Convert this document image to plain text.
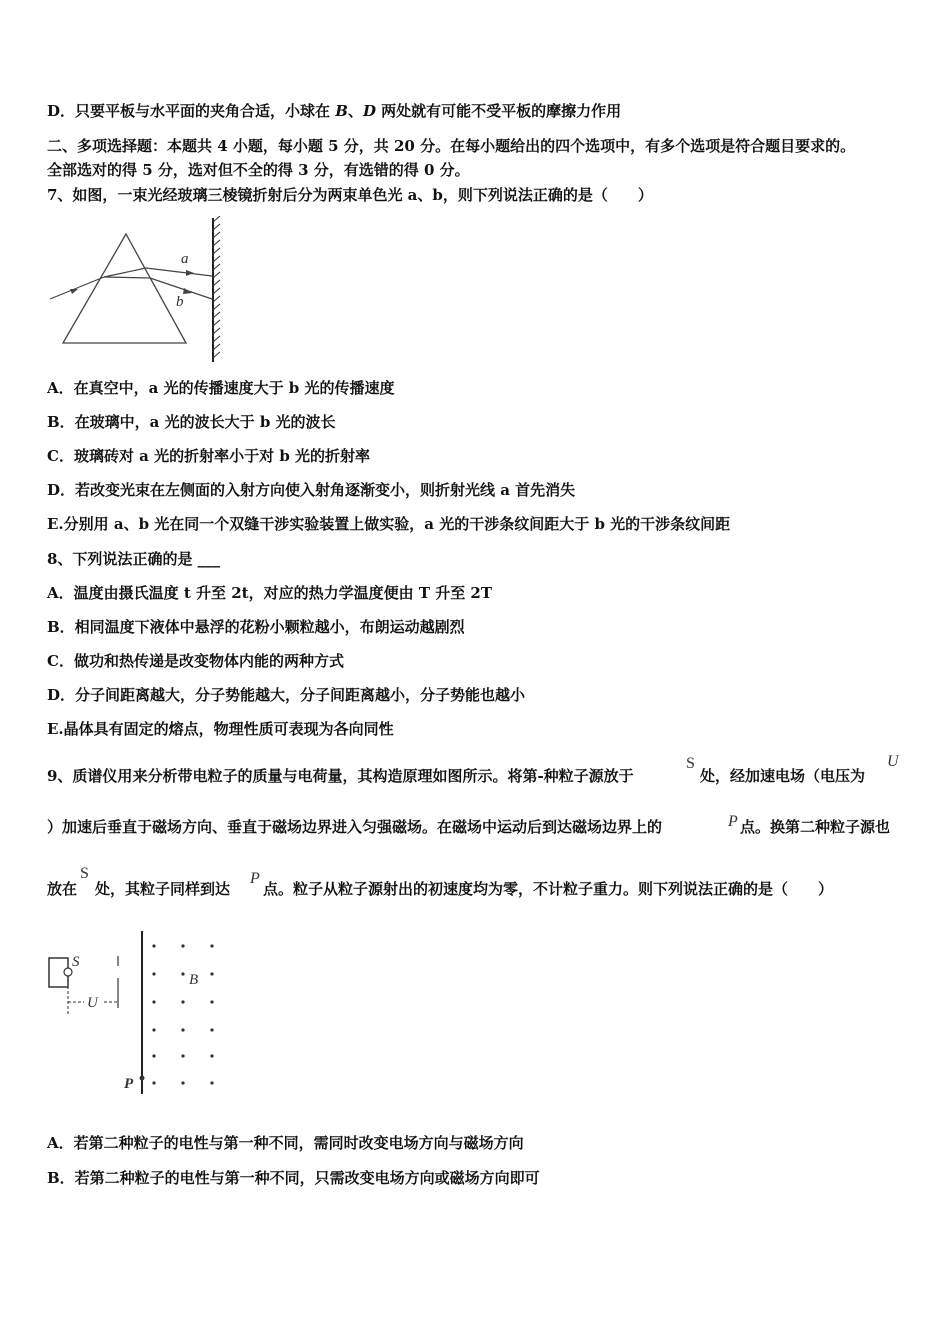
D．只要平板与水平面的夹角合适，小球在 B、D 两处就有可能不受平板的摩擦力作用
二、多项选择题：本题共 4 小题，每小题 5 分，共 20 分。在每小题给出的四个选项中，有多个选项是符合题目要求的。
全部选对的得 5 分，选对但不全的得 3 分，有选错的得 0 分。
7、如图，一束光经玻璃三棱镜折射后分为两束单色光 a、b，则下列说法正确的是（　　）
a
b
A．在真空中，a 光的传播速度大于 b 光的传播速度
B．在玻璃中，a 光的波长大于 b 光的波长
C．玻璃砖对 a 光的折射率小于对 b 光的折射率
D．若改变光束在左侧面的入射方向使入射角逐渐变小，则折射光线 a 首先消失
E.分别用 a、b 光在同一个双缝干涉实验装置上做实验，a 光的干涉条纹间距大于 b 光的干涉条纹间距
8、下列说法正确的是 ___
A．温度由摄氏温度 t 升至 2t，对应的热力学温度便由 T 升至 2T
B．相同温度下液体中悬浮的花粉小颗粒越小，布朗运动越剧烈
C．做功和热传递是改变物体内能的两种方式
D．分子间距离越大，分子势能越大，分子间距离越小，分子势能也越小
E.晶体具有固定的熔点，物理性质可表现为各向同性
9、质谱仪用来分析带电粒子的质量与电荷量，其构造原理如图所示。将第-种粒子源放于
S
处，经加速电场（电压为
U
）加速后垂直于磁场方向、垂直于磁场边界进入匀强磁场。在磁场中运动后到达磁场边界上的	P 点。换第二种粒子源也
放在
S
处，其粒子同样到达
P
点。粒子从粒子源射出的初速度均为零，不计粒子重力。则下列说法正确的是（　　）
S
U
B
P
A．若第二种粒子的电性与第一种不同，需同时改变电场方向与磁场方向
B．若第二种粒子的电性与第一种不同，只需改变电场方向或磁场方向即可
